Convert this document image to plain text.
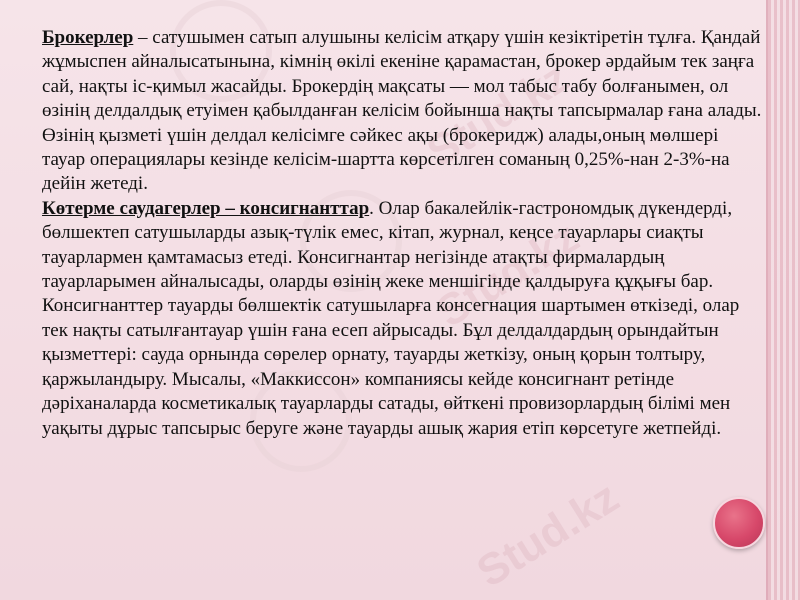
Stud.kz
Stud.kz
Stud.kz

Брокерлер – сатушымен сатып алушыны келісім атқару үшін кезіктіретін тұлға. Қандай жұмыспен айналысатынына, кімнің өкілі екеніне қарамастан, брокер әрдайым тек заңға сай, нақты іс-қимыл жасайды. Брокердің мақсаты — мол табыс табу болғанымен, ол өзінің делдалдық етуімен қабылданған келісім бойынша нақты тапсырмалар ғана алады. Өзінің қызметі үшін делдал келісімге сәйкес ақы (брокеридж) алады,оның мөлшері тауар операциялары кезінде келісім-шартта көрсетілген соманың 0,25%-нан 2-3%-на дейін жетеді.

Көтерме саудагерлер – консигнанттар. Олар бакалейлік-гастрономдық дүкендерді, бөлшектеп сатушыларды азық-түлік емес, кітап, журнал, кеңсе тауарлары сиақты тауарлармен қамтамасыз етеді. Консигнантар негізінде атақты фирмалардың тауарларымен айналысады, оларды өзінің жеке меншігінде қалдыруға құқығы бар. Консигнанттер тауарды бөлшектік сатушыларға консегнация шартымен өткізеді, олар тек нақты сатылғантауар үшін ғана есеп айрысады. Бұл делдалдардың орындайтын қызметтері: сауда орнында сөрелер орнату, тауарды жеткізу, оның қорын толтыру, қаржыландыру. Мысалы, «Маккиссон» компаниясы кейде консигнант ретінде дәріханаларда косметикалық тауарларды сатады, өйткені провизорлардың білімі мен уақыты дұрыс тапсырыс беруге және тауарды ашық жария етіп көрсетуге жетпейді.
